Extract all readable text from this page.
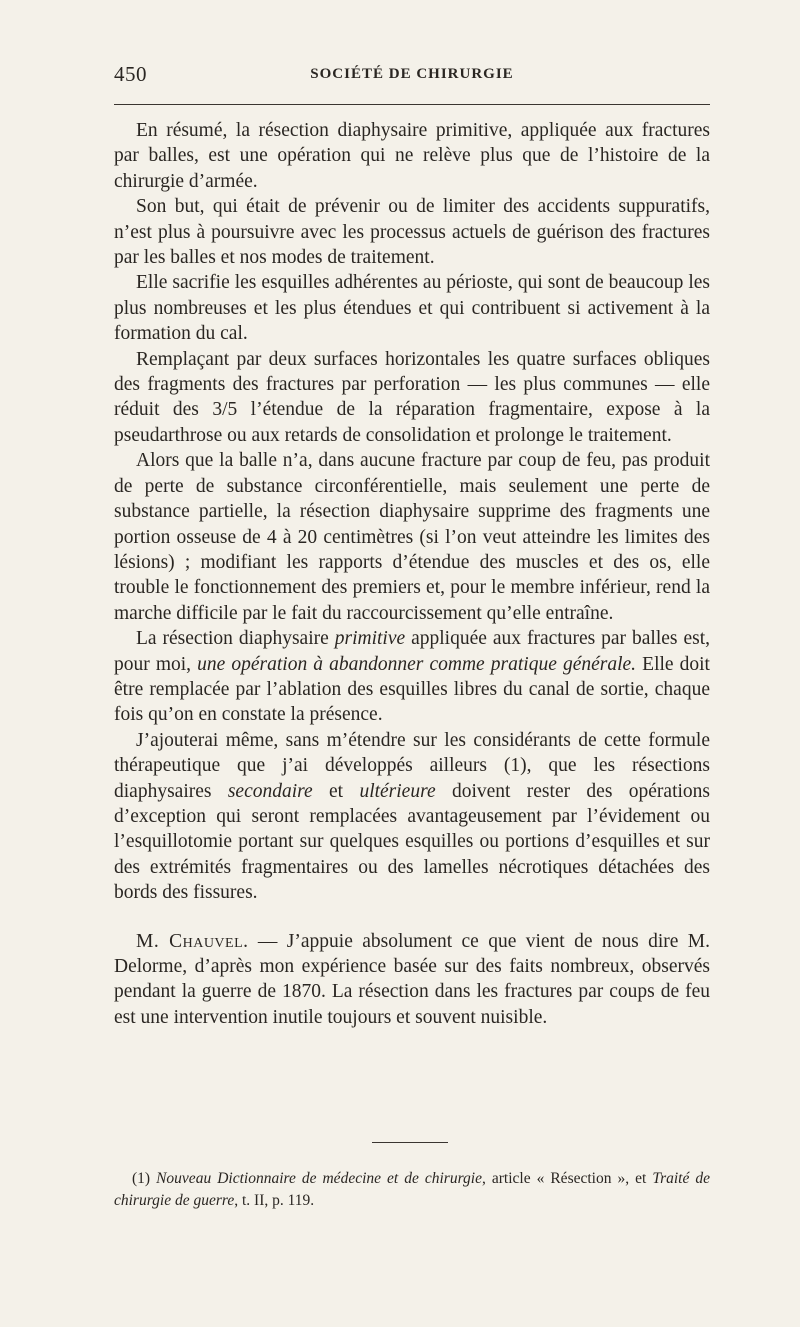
450	SOCIÉTÉ DE CHIRURGIE

En résumé, la résection diaphysaire primitive, appliquée aux fractures par balles, est une opération qui ne relève plus que de l’histoire de la chirurgie d’armée.

Son but, qui était de prévenir ou de limiter des accidents suppuratifs, n’est plus à poursuivre avec les processus actuels de guérison des fractures par les balles et nos modes de traitement.

Elle sacrifie les esquilles adhérentes au périoste, qui sont de beaucoup les plus nombreuses et les plus étendues et qui contribuent si activement à la formation du cal.

Remplaçant par deux surfaces horizontales les quatre surfaces obliques des fragments des fractures par perforation — les plus communes — elle réduit des 3/5 l’étendue de la réparation fragmentaire, expose à la pseudarthrose ou aux retards de consolidation et prolonge le traitement.

Alors que la balle n’a, dans aucune fracture par coup de feu, pas produit de perte de substance circonférentielle, mais seulement une perte de substance partielle, la résection diaphysaire supprime des fragments une portion osseuse de 4 à 20 centimètres (si l’on veut atteindre les limites des lésions) ; modifiant les rapports d’étendue des muscles et des os, elle trouble le fonctionnement des premiers et, pour le membre inférieur, rend la marche difficile par le fait du raccourcissement qu’elle entraîne.

La résection diaphysaire primitive appliquée aux fractures par balles est, pour moi, une opération à abandonner comme pratique générale. Elle doit être remplacée par l’ablation des esquilles libres du canal de sortie, chaque fois qu’on en constate la présence.

J’ajouterai même, sans m’étendre sur les considérants de cette formule thérapeutique que j’ai développés ailleurs (1), que les résections diaphysaires secondaire et ultérieure doivent rester des opérations d’exception qui seront remplacées avantageusement par l’évidement ou l’esquillotomie portant sur quelques esquilles ou portions d’esquilles et sur des extrémités fragmentaires ou des lamelles nécrotiques détachées des bords des fissures.

M. Chauvel. — J’appuie absolument ce que vient de nous dire M. Delorme, d’après mon expérience basée sur des faits nombreux, observés pendant la guerre de 1870. La résection dans les fractures par coups de feu est une intervention inutile toujours et souvent nuisible.

(1) Nouveau Dictionnaire de médecine et de chirurgie, article « Résection », et Traité de chirurgie de guerre, t. II, p. 119.
